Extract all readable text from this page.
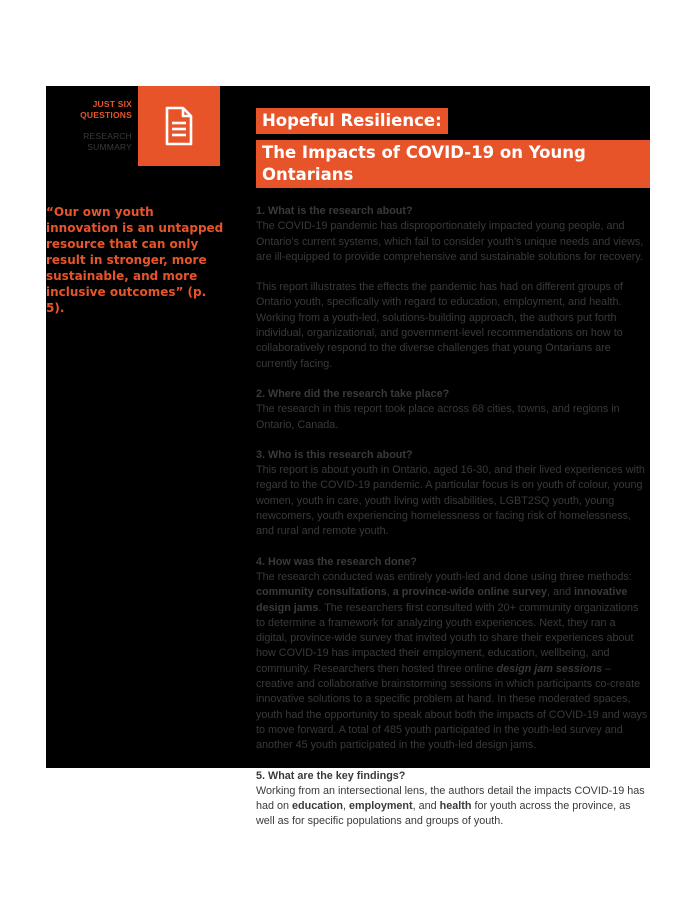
JUST SIX
QUESTIONS
RESEARCH
SUMMARY
Hopeful Resilience:
The Impacts of COVID-19 on Young Ontarians
“Our own youth innovation is an untapped resource that can only result in stronger, more sustainable, and more inclusive outcomes” (p. 5).

1. What is the research about?
The COVID-19 pandemic has disproportionately impacted young people, and Ontario’s current systems, which fail to consider youth’s unique needs and views, are ill-equipped to provide comprehensive and sustainable solutions for recovery.

This report illustrates the effects the pandemic has had on different groups of Ontario youth, specifically with regard to education, employment, and health. Working from a youth-led, solutions-building approach, the authors put forth individual, organizational, and government-level recommendations on how to collaboratively respond to the diverse challenges that young Ontarians are currently facing.

2. Where did the research take place?
The research in this report took place across 68 cities, towns, and regions in Ontario, Canada.

3. Who is this research about?
This report is about youth in Ontario, aged 16-30, and their lived experiences with regard to the COVID-19 pandemic. A particular focus is on youth of colour, young women, youth in care, youth living with disabilities, LGBT2SQ youth, young newcomers, youth experiencing homelessness or facing risk of homelessness, and rural and remote youth.

4. How was the research done?
The research conducted was entirely youth-led and done using three methods: community consultations, a province-wide online survey, and innovative design jams. The researchers first consulted with 20+ community organizations to determine a framework for analyzing youth experiences. Next, they ran a digital, province-wide survey that invited youth to share their experiences about how COVID-19 has impacted their employment, education, wellbeing, and community. Researchers then hosted three online design jam sessions – creative and collaborative brainstorming sessions in which participants co-create innovative solutions to a specific problem at hand. In these moderated spaces, youth had the opportunity to speak about both the impacts of COVID-19 and ways to move forward. A total of 485 youth participated in the youth-led survey and another 45 youth participated in the youth-led design jams.

5. What are the key findings?
Working from an intersectional lens, the authors detail the impacts COVID-19 has had on education, employment, and health for youth across the province, as well as for specific populations and groups of youth.
